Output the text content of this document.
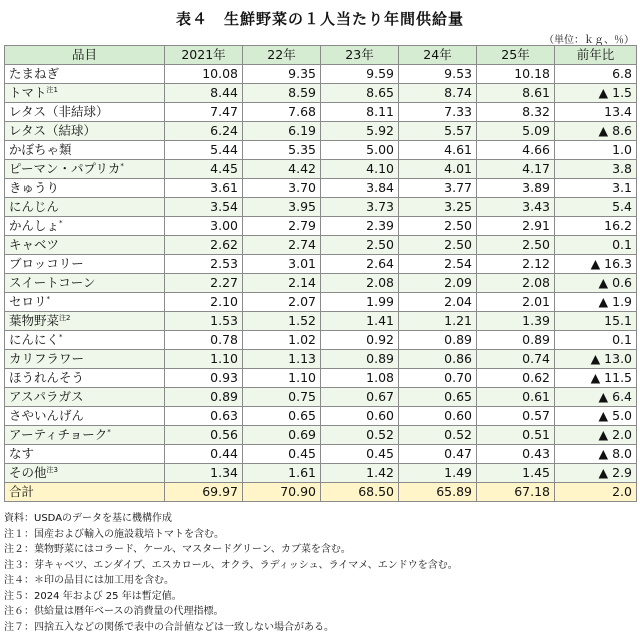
表４　生鮮野菜の１人当たり年間供給量
（単位：ｋｇ、％）
品目	2021年	22年	23年	24年	25年	前年比
たまねぎ	10.08	9.35	9.59	9.53	10.18	6.8
トマト$^{注1}$	8.44	8.59	8.65	8.74	8.61	▲ 1.5
レタス（非結球）	7.47	7.68	8.11	7.33	8.32	13.4
レタス（結球）	6.24	6.19	5.92	5.57	5.09	▲ 8.6
かぼちゃ類	5.44	5.35	5.00	4.61	4.66	1.0
ピーマン・パプリカ*	4.45	4.42	4.10	4.01	4.17	3.8
きゅうり	3.61	3.70	3.84	3.77	3.89	3.1
にんじん	3.54	3.95	3.73	3.25	3.43	5.4
かんしょ*	3.00	2.79	2.39	2.50	2.91	16.2
キャベツ	2.62	2.74	2.50	2.50	2.50	0.1
ブロッコリー	2.53	3.01	2.64	2.54	2.12	▲ 16.3
スイートコーン	2.27	2.14	2.08	2.09	2.08	▲ 0.6
セロリ*	2.10	2.07	1.99	2.04	2.01	▲ 1.9
葉物野菜$^{注2}$	1.53	1.52	1.41	1.21	1.39	15.1
にんにく*	0.78	1.02	0.92	0.89	0.89	0.1
カリフラワー	1.10	1.13	0.89	0.86	0.74	▲ 13.0
ほうれんそう	0.93	1.10	1.08	0.70	0.62	▲ 11.5
アスパラガス	0.89	0.75	0.67	0.65	0.61	▲ 6.4
さやいんげん	0.63	0.65	0.60	0.60	0.57	▲ 5.0
アーティチョーク*	0.56	0.69	0.52	0.52	0.51	▲ 2.0
なす	0.44	0.45	0.45	0.47	0.43	▲ 8.0
その他$^{注3}$	1.34	1.61	1.42	1.49	1.45	▲ 2.9
合計	69.97	70.90	68.50	65.89	67.18	2.0
資料：USDAのデータを基に機構作成
注１：国産および輸入の施設栽培トマトを含む。
注２：葉物野菜にはコラード、ケール、マスタードグリーン、カブ菜を含む。
注３：芽キャベツ、エンダイブ、エスカロール、オクラ、ラディッシュ、ライマメ、エンドウを含む。
注４：＊印の品目には加工用を含む。
注５：2024 年および 25 年は暫定値。
注６：供給量は暦年ベースの消費量の代理指標。
注７：四捨五入などの関係で表中の合計値などは一致しない場合がある。
